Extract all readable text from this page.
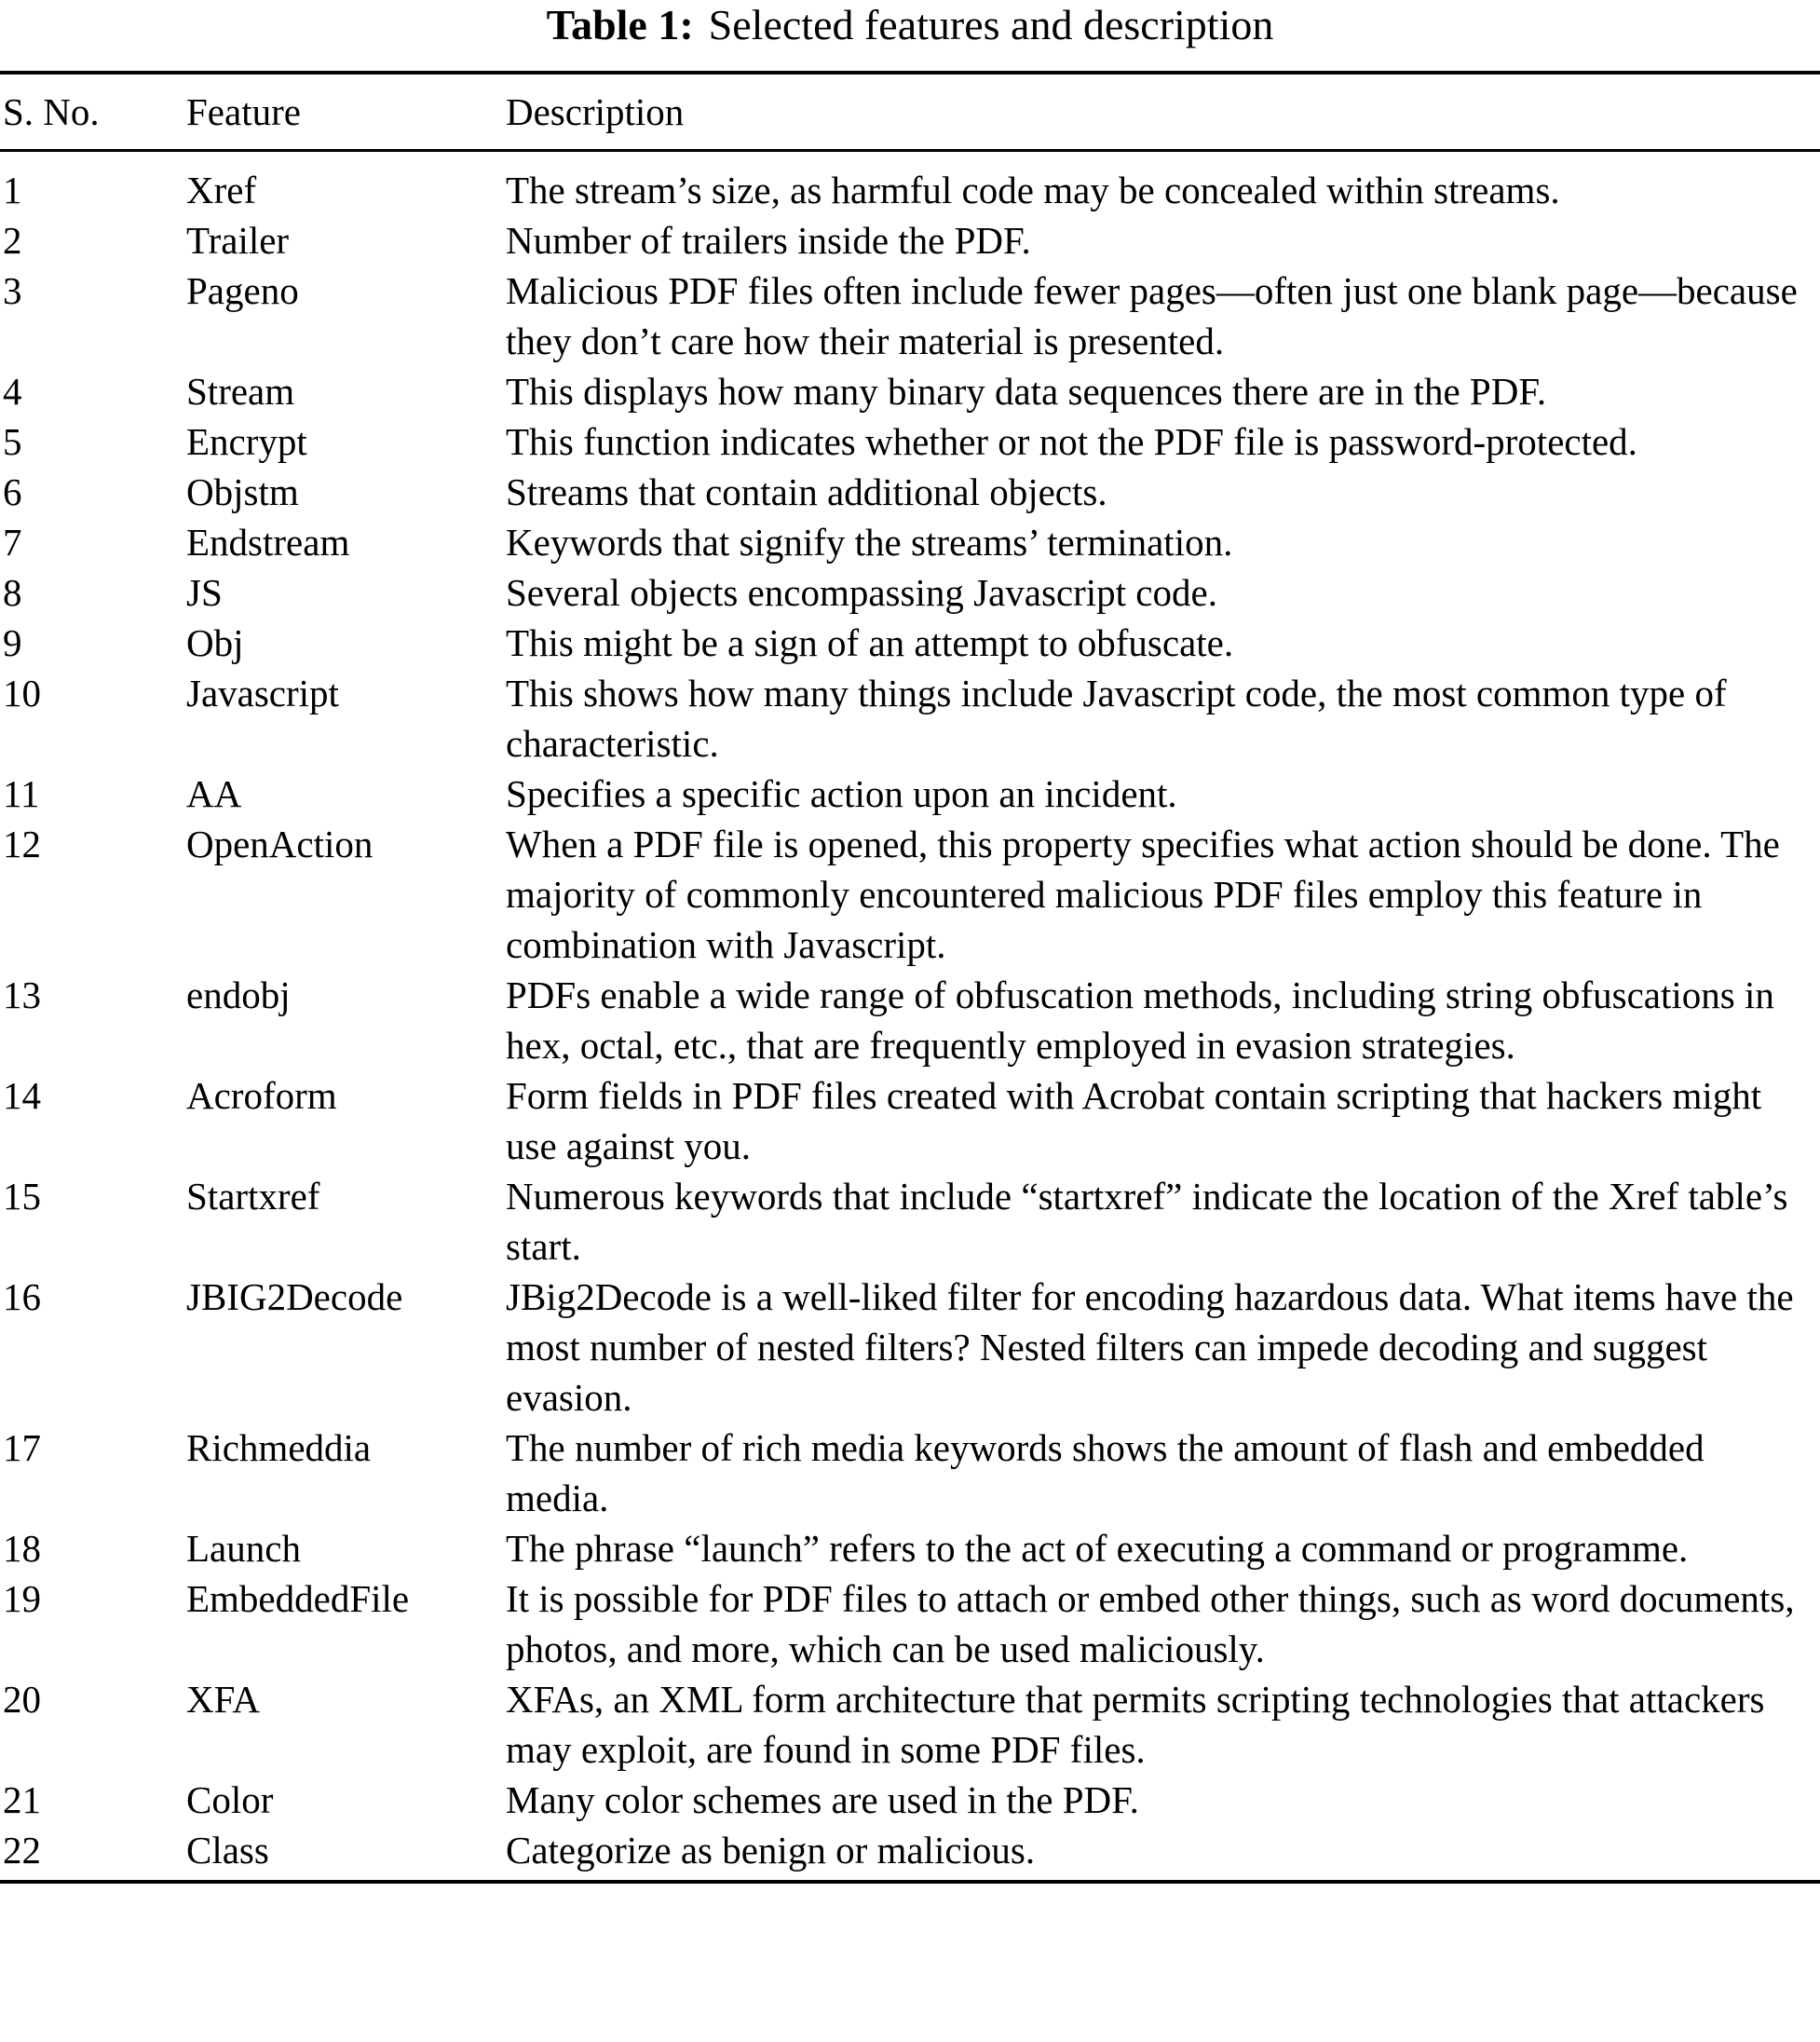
Table 1: Selected features and description
S. No.	Feature	Description
1	Xref	The stream’s size, as harmful code may be concealed within streams.
2	Trailer	Number of trailers inside the PDF.
3	Pageno	Malicious PDF files often include fewer pages—often just one blank page—because they don’t care how their material is presented.
4	Stream	This displays how many binary data sequences there are in the PDF.
5	Encrypt	This function indicates whether or not the PDF file is password-protected.
6	Objstm	Streams that contain additional objects.
7	Endstream	Keywords that signify the streams’ termination.
8	JS	Several objects encompassing Javascript code.
9	Obj	This might be a sign of an attempt to obfuscate.
10	Javascript	This shows how many things include Javascript code, the most common type of characteristic.
11	AA	Specifies a specific action upon an incident.
12	OpenAction	When a PDF file is opened, this property specifies what action should be done. The majority of commonly encountered malicious PDF files employ this feature in combination with Javascript.
13	endobj	PDFs enable a wide range of obfuscation methods, including string obfuscations in hex, octal, etc., that are frequently employed in evasion strategies.
14	Acroform	Form fields in PDF files created with Acrobat contain scripting that hackers might use against you.
15	Startxref	Numerous keywords that include “startxref” indicate the location of the Xref table’s start.
16	JBIG2Decode	JBig2Decode is a well-liked filter for encoding hazardous data. What items have the most number of nested filters? Nested filters can impede decoding and suggest evasion.
17	Richmeddia	The number of rich media keywords shows the amount of flash and embedded media.
18	Launch	The phrase “launch” refers to the act of executing a command or programme.
19	EmbeddedFile	It is possible for PDF files to attach or embed other things, such as word documents, photos, and more, which can be used maliciously.
20	XFA	XFAs, an XML form architecture that permits scripting technologies that attackers may exploit, are found in some PDF files.
21	Color	Many color schemes are used in the PDF.
22	Class	Categorize as benign or malicious.
